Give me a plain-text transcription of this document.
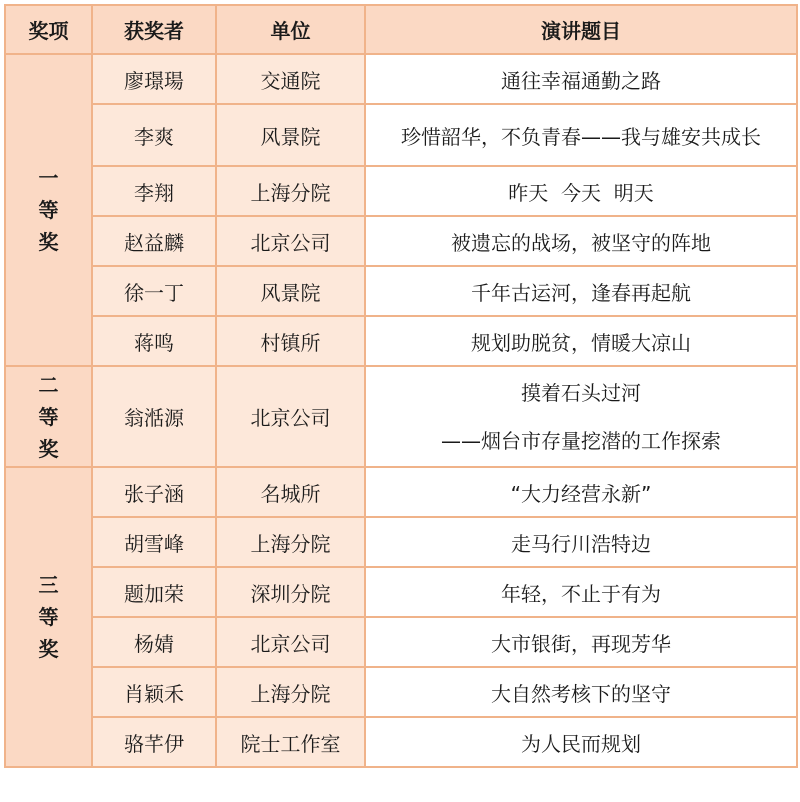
奖项	获奖者	单位	演讲题目

一
等
奖	廖璟瑒	交通院	通往幸福通勤之路
	李爽	风景院	珍惜韶华，不负青春——我与雄安共成长
	李翔	上海分院	昨天  今天  明天
	赵益麟	北京公司	被遗忘的战场，被坚守的阵地
	徐一丁	风景院	千年古运河，逢春再起航
	蒋鸣	村镇所	规划助脱贫，情暖大凉山

二
等
奖	翁湉源	北京公司	摸着石头过河
——烟台市存量挖潜的工作探索

三
等
奖	张子涵	名城所	“大力经营永新”
	胡雪峰	上海分院	走马行川浩特边
	题加荣	深圳分院	年轻，不止于有为
	杨婧	北京公司	大市银街，再现芳华
	肖颖禾	上海分院	大自然考核下的坚守
	骆芊伊	院士工作室	为人民而规划
